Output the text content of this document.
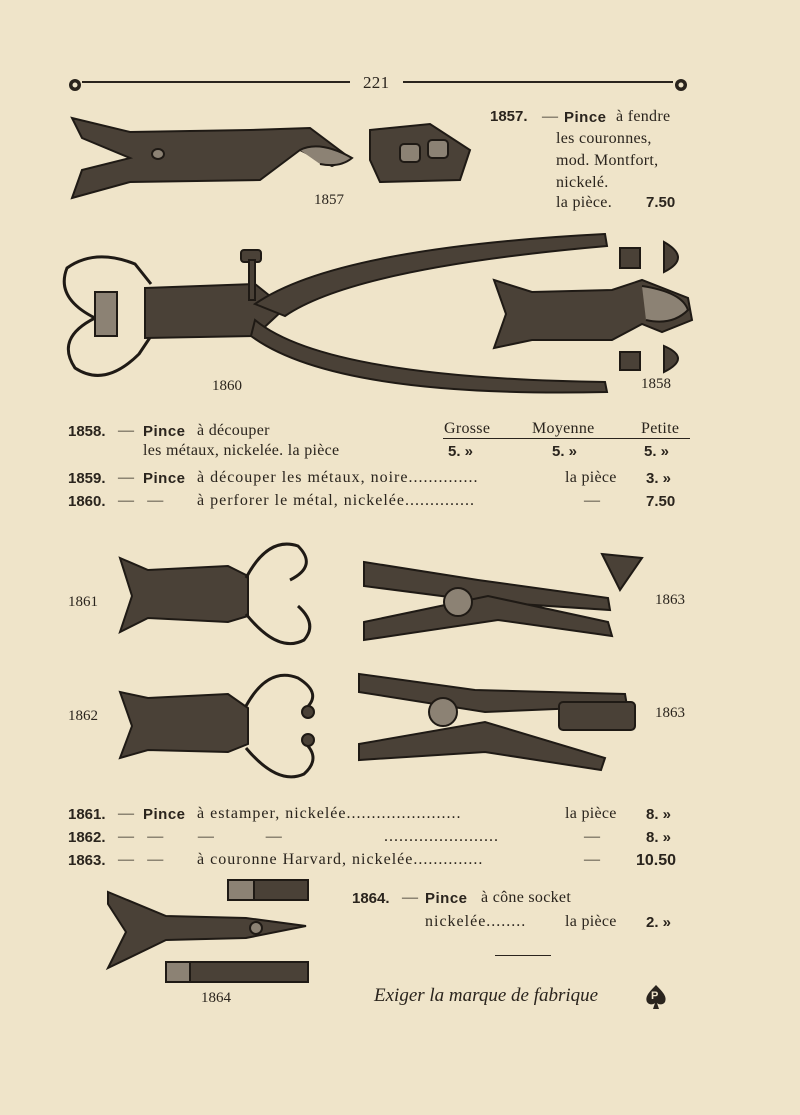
221
1857
1857. — Pince à fendre
les couronnes,
mod. Montfort,
nickelé.
la pièce. 7.50
1860	1858
1858. — Pince à découper
les métaux, nickelée. la pièce
Grosse	Moyenne	Petite
5. »	5. »	5. »
1859. — Pince à découper les métaux, noire..............	la pièce 3. »
1860. —   — à perforer le métal, nickelée..............	—	7.50
1861
1862
1863
1863
1861. — Pince à estamper, nickelée.......................	la pièce 8. »
1862. —   —        —            —	.......................	—	8. »
1863. —   — à couronne Harvard, nickelée..............	— 10.50
1864
1864. — Pince à cône socket
nickelée........ la pièce 2. »
Exiger la marque de fabrique	P
